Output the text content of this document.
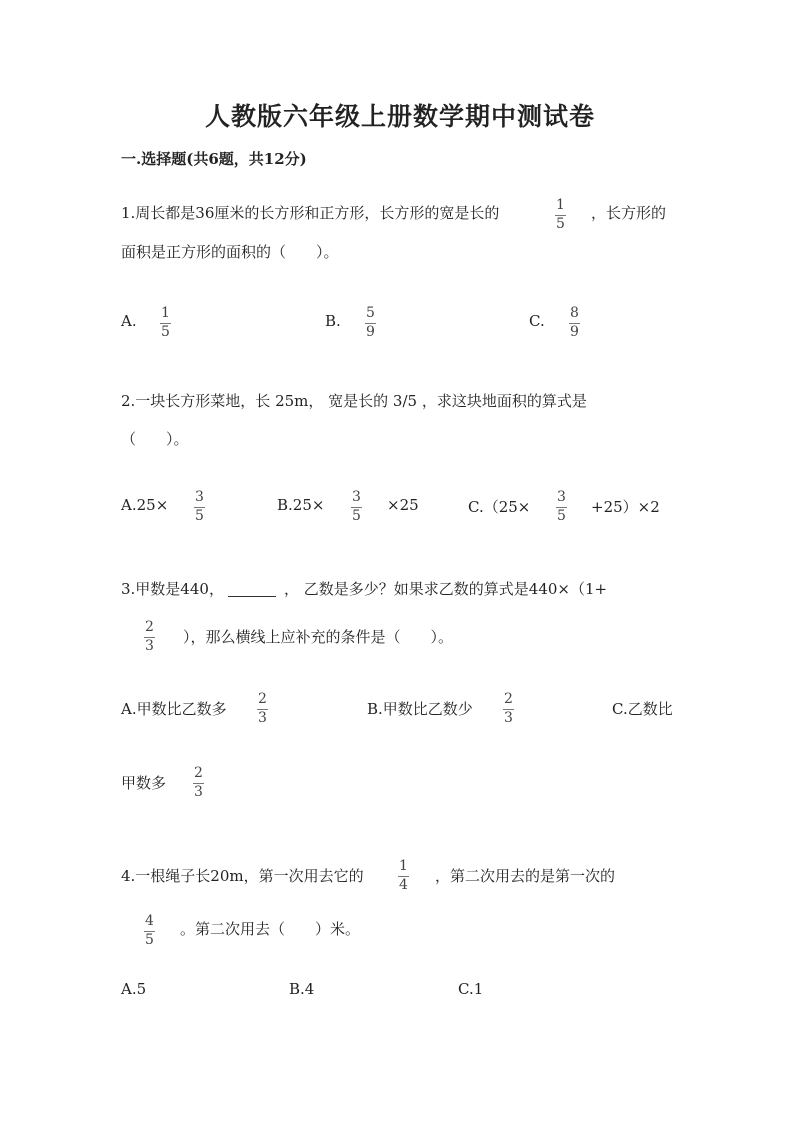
人教版六年级上册数学期中测试卷
一.选择题(共6题，共12分)
1.周长都是36厘米的长方形和正方形，长方形的宽是长的	$\frac{1}{5}$ ，长方形的
面积是正方形的面积的（　　）。
A. $\frac{1}{5}$	B. $\frac{5}{9}$	C. $\frac{8}{9}$
2.一块长方形菜地，长 25m， 宽是长的 3/5 ，求这块地面积的算式是
（　　）。
$A.25\times \frac{3}{5}$	$B.25\times \frac{3}{5} \times 25$	$C.(25\times \frac{3}{5} +25)\times 2$
3.甲数是440，	， 乙数是多少？如果求乙数的算式是440×（1+
$\frac{2}{3}$ ），那么横线上应补充的条件是（　　）。
A.甲数比乙数多 $\frac{2}{3}$	B.甲数比乙数少 $\frac{2}{3}$	C.乙数比
甲数多 $\frac{2}{3}$
4.一根绳子长20m，第一次用去它的 $\frac{1}{4}$ ，第二次用去的是第一次的
$\frac{4}{5}$ 。第二次用去（　　）米。
A.5	B.4	C.1
